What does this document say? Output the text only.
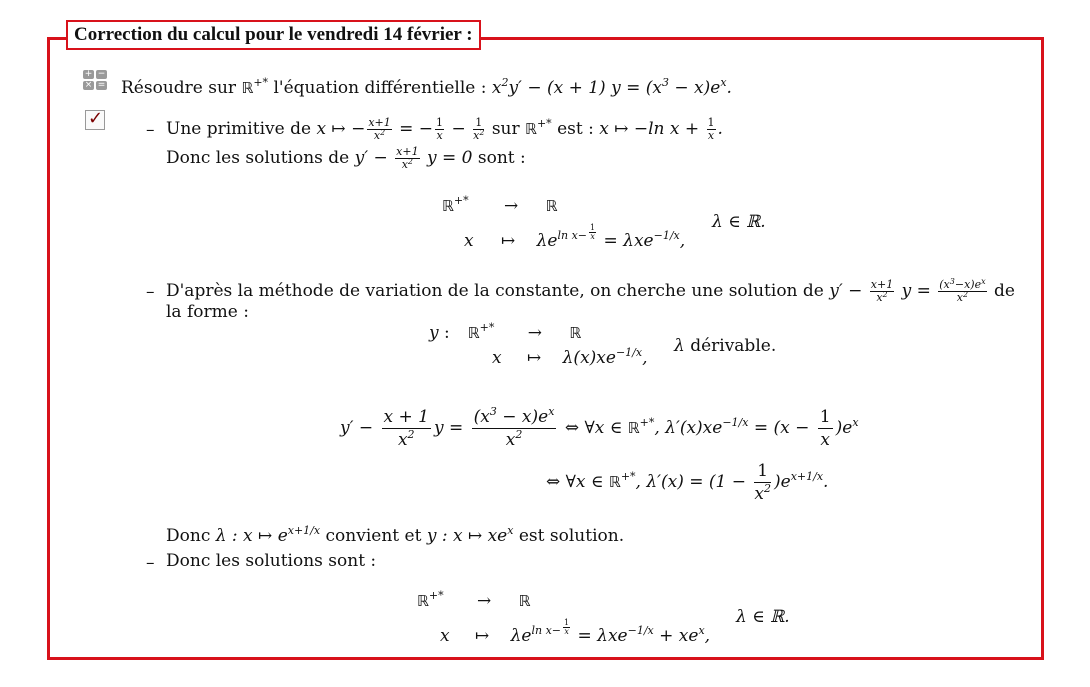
Correction du calcul pour le vendredi 14 février :
+ −
× =
✓
Résoudre sur ℝ+* l'équation différentielle : $x^2y' - (x + 1) y = (x^3 - x)e^x$.
– Une primitive de x ↦ − $\frac{x+1}{x^2}$ = − $\frac{1}{x} - \frac{1}{x^2}$ sur ℝ+* est : x ↦ −ln $x + \frac{1}{x}$ .
Donc les solutions de $y' - \frac{x+1}{x^2}$ y = 0 sont :
ℝ+* → ℝ
x ↦ $\lambda e^{ln x- \frac{1}{x}} = \lambda xe^{-1/x}$,
λ ∈ ℝ.
– D'après la méthode de variation de la constante, on cherche une solution de $y' - \frac{x+1}{x^2}$ $y = \frac{(x^3-x)e^x}{x^2}$ de
la forme :
y : ℝ+* → ℝ
x ↦ $\lambda(x)xe^{-1/x}$,
λ dérivable.
$y' - \frac{x + 1}{x^2}$ $y = \frac{(x^3 - x)e^x}{x^2}$ ⇔ ∀x ∈ ℝ+*, $\lambda'(x)xe^{-1/x} = (x - \frac{1}{x} )e^x$
⇔ ∀x ∈ ℝ+*, $\lambda'(x) = (1 - \frac{1}{x^2} )e^{x+1/x}$.
Donc λ : x ↦ $e^{x+1/x}$ convient et y : x ↦ $xe^x$ est solution.
– Donc les solutions sont :
ℝ+* → ℝ
x ↦ $\lambda e^{ln x- \frac{1}{x}} = \lambda xe^{-1/x} + xe^x$,
λ ∈ ℝ.
